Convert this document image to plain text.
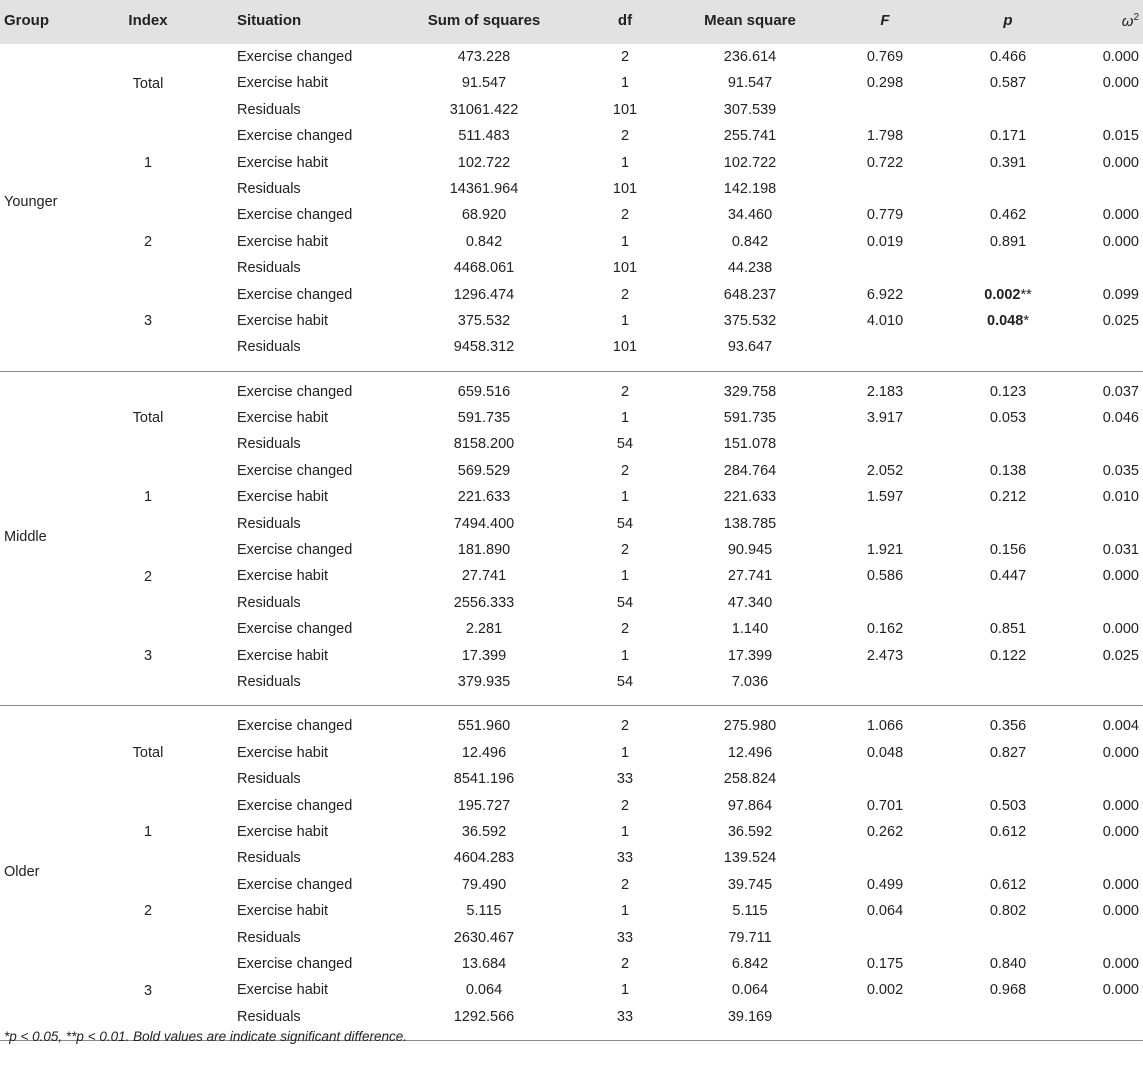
Group	Index	Situation	Sum of squares	df	Mean square	F	p	$\omega^2$
Younger
Total
Exercise changed	473.228	2	236.614	0.769	0.466	0.000
Exercise habit	91.547	1	91.547	0.298	0.587	0.000
Residuals	31061.422	101	307.539
1
Exercise changed	511.483	2	255.741	1.798	0.171	0.015
Exercise habit	102.722	1	102.722	0.722	0.391	0.000
Residuals	14361.964	101	142.198
2
Exercise changed	68.920	2	34.460	0.779	0.462	0.000
Exercise habit	0.842	1	0.842	0.019	0.891	0.000
Residuals	4468.061	101	44.238
3
Exercise changed	1296.474	2	648.237	6.922	0.002**	0.099
Exercise habit	375.532	1	375.532	4.010	0.048*	0.025
Residuals	9458.312	101	93.647
Middle
Total
Exercise changed	659.516	2	329.758	2.183	0.123	0.037
Exercise habit	591.735	1	591.735	3.917	0.053	0.046
Residuals	8158.200	54	151.078
1
Exercise changed	569.529	2	284.764	2.052	0.138	0.035
Exercise habit	221.633	1	221.633	1.597	0.212	0.010
Residuals	7494.400	54	138.785
2
Exercise changed	181.890	2	90.945	1.921	0.156	0.031
Exercise habit	27.741	1	27.741	0.586	0.447	0.000
Residuals	2556.333	54	47.340
3
Exercise changed	2.281	2	1.140	0.162	0.851	0.000
Exercise habit	17.399	1	17.399	2.473	0.122	0.025
Residuals	379.935	54	7.036
Older
Total
Exercise changed	551.960	2	275.980	1.066	0.356	0.004
Exercise habit	12.496	1	12.496	0.048	0.827	0.000
Residuals	8541.196	33	258.824
1
Exercise changed	195.727	2	97.864	0.701	0.503	0.000
Exercise habit	36.592	1	36.592	0.262	0.612	0.000
Residuals	4604.283	33	139.524
2
Exercise changed	79.490	2	39.745	0.499	0.612	0.000
Exercise habit	5.115	1	5.115	0.064	0.802	0.000
Residuals	2630.467	33	79.711
3
Exercise changed	13.684	2	6.842	0.175	0.840	0.000
Exercise habit	0.064	1	0.064	0.002	0.968	0.000
Residuals	1292.566	33	39.169
*p < 0.05, **p < 0.01. Bold values are indicate significant difference.
